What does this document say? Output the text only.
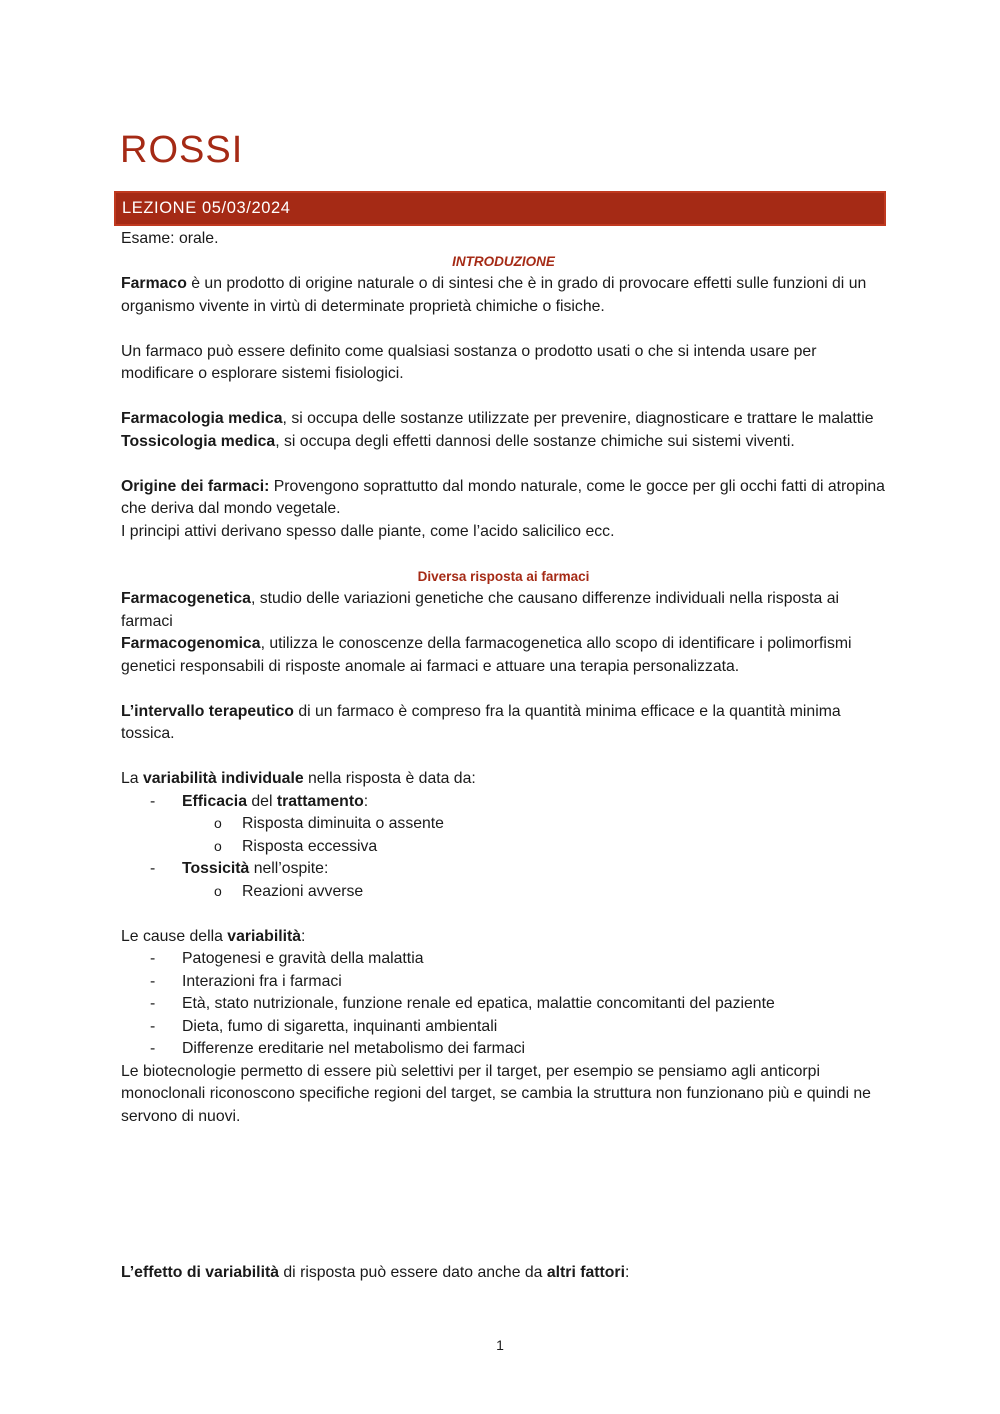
ROSSI
LEZIONE 05/03/2024

Esame: orale.

INTRODUZIONE

Farmaco è un prodotto di origine naturale o di sintesi che è in grado di provocare effetti sulle funzioni di un organismo vivente in virtù di determinate proprietà chimiche o fisiche.

Un farmaco può essere definito come qualsiasi sostanza o prodotto usati o che si intenda usare per modificare o esplorare sistemi fisiologici.

Farmacologia medica, si occupa delle sostanze utilizzate per prevenire, diagnosticare e trattare le malattie

Tossicologia medica, si occupa degli effetti dannosi delle sostanze chimiche sui sistemi viventi.

Origine dei farmaci: Provengono soprattutto dal mondo naturale, come le gocce per gli occhi fatti di atropina che deriva dal mondo vegetale.

I principi attivi derivano spesso dalle piante, come l’acido salicilico ecc.

Diversa risposta ai farmaci

Farmacogenetica, studio delle variazioni genetiche che causano differenze individuali nella risposta ai farmaci

Farmacogenomica, utilizza le conoscenze della farmacogenetica allo scopo di identificare i polimorfismi genetici responsabili di risposte anomale ai farmaci e attuare una terapia personalizzata.

L’intervallo terapeutico di un farmaco è compreso fra la quantità minima efficace e la quantità minima tossica.

La variabilità individuale nella risposta è data da:

- Efficacia del trattamento:
o Risposta diminuita o assente
o Risposta eccessiva
- Tossicità nell’ospite:
o Reazioni avverse

Le cause della variabilità:

- Patogenesi e gravità della malattia
- Interazioni fra i farmaci
- Età, stato nutrizionale, funzione renale ed epatica, malattie concomitanti del paziente
- Dieta, fumo di sigaretta, inquinanti ambientali
- Differenze ereditarie nel metabolismo dei farmaci

Le biotecnologie permetto di essere più selettivi per il target, per esempio se pensiamo agli anticorpi monoclonali riconoscono specifiche regioni del target, se cambia la struttura non funzionano più e quindi ne servono di nuovi.

L’effetto di variabilità di risposta può essere dato anche da altri fattori:

1
